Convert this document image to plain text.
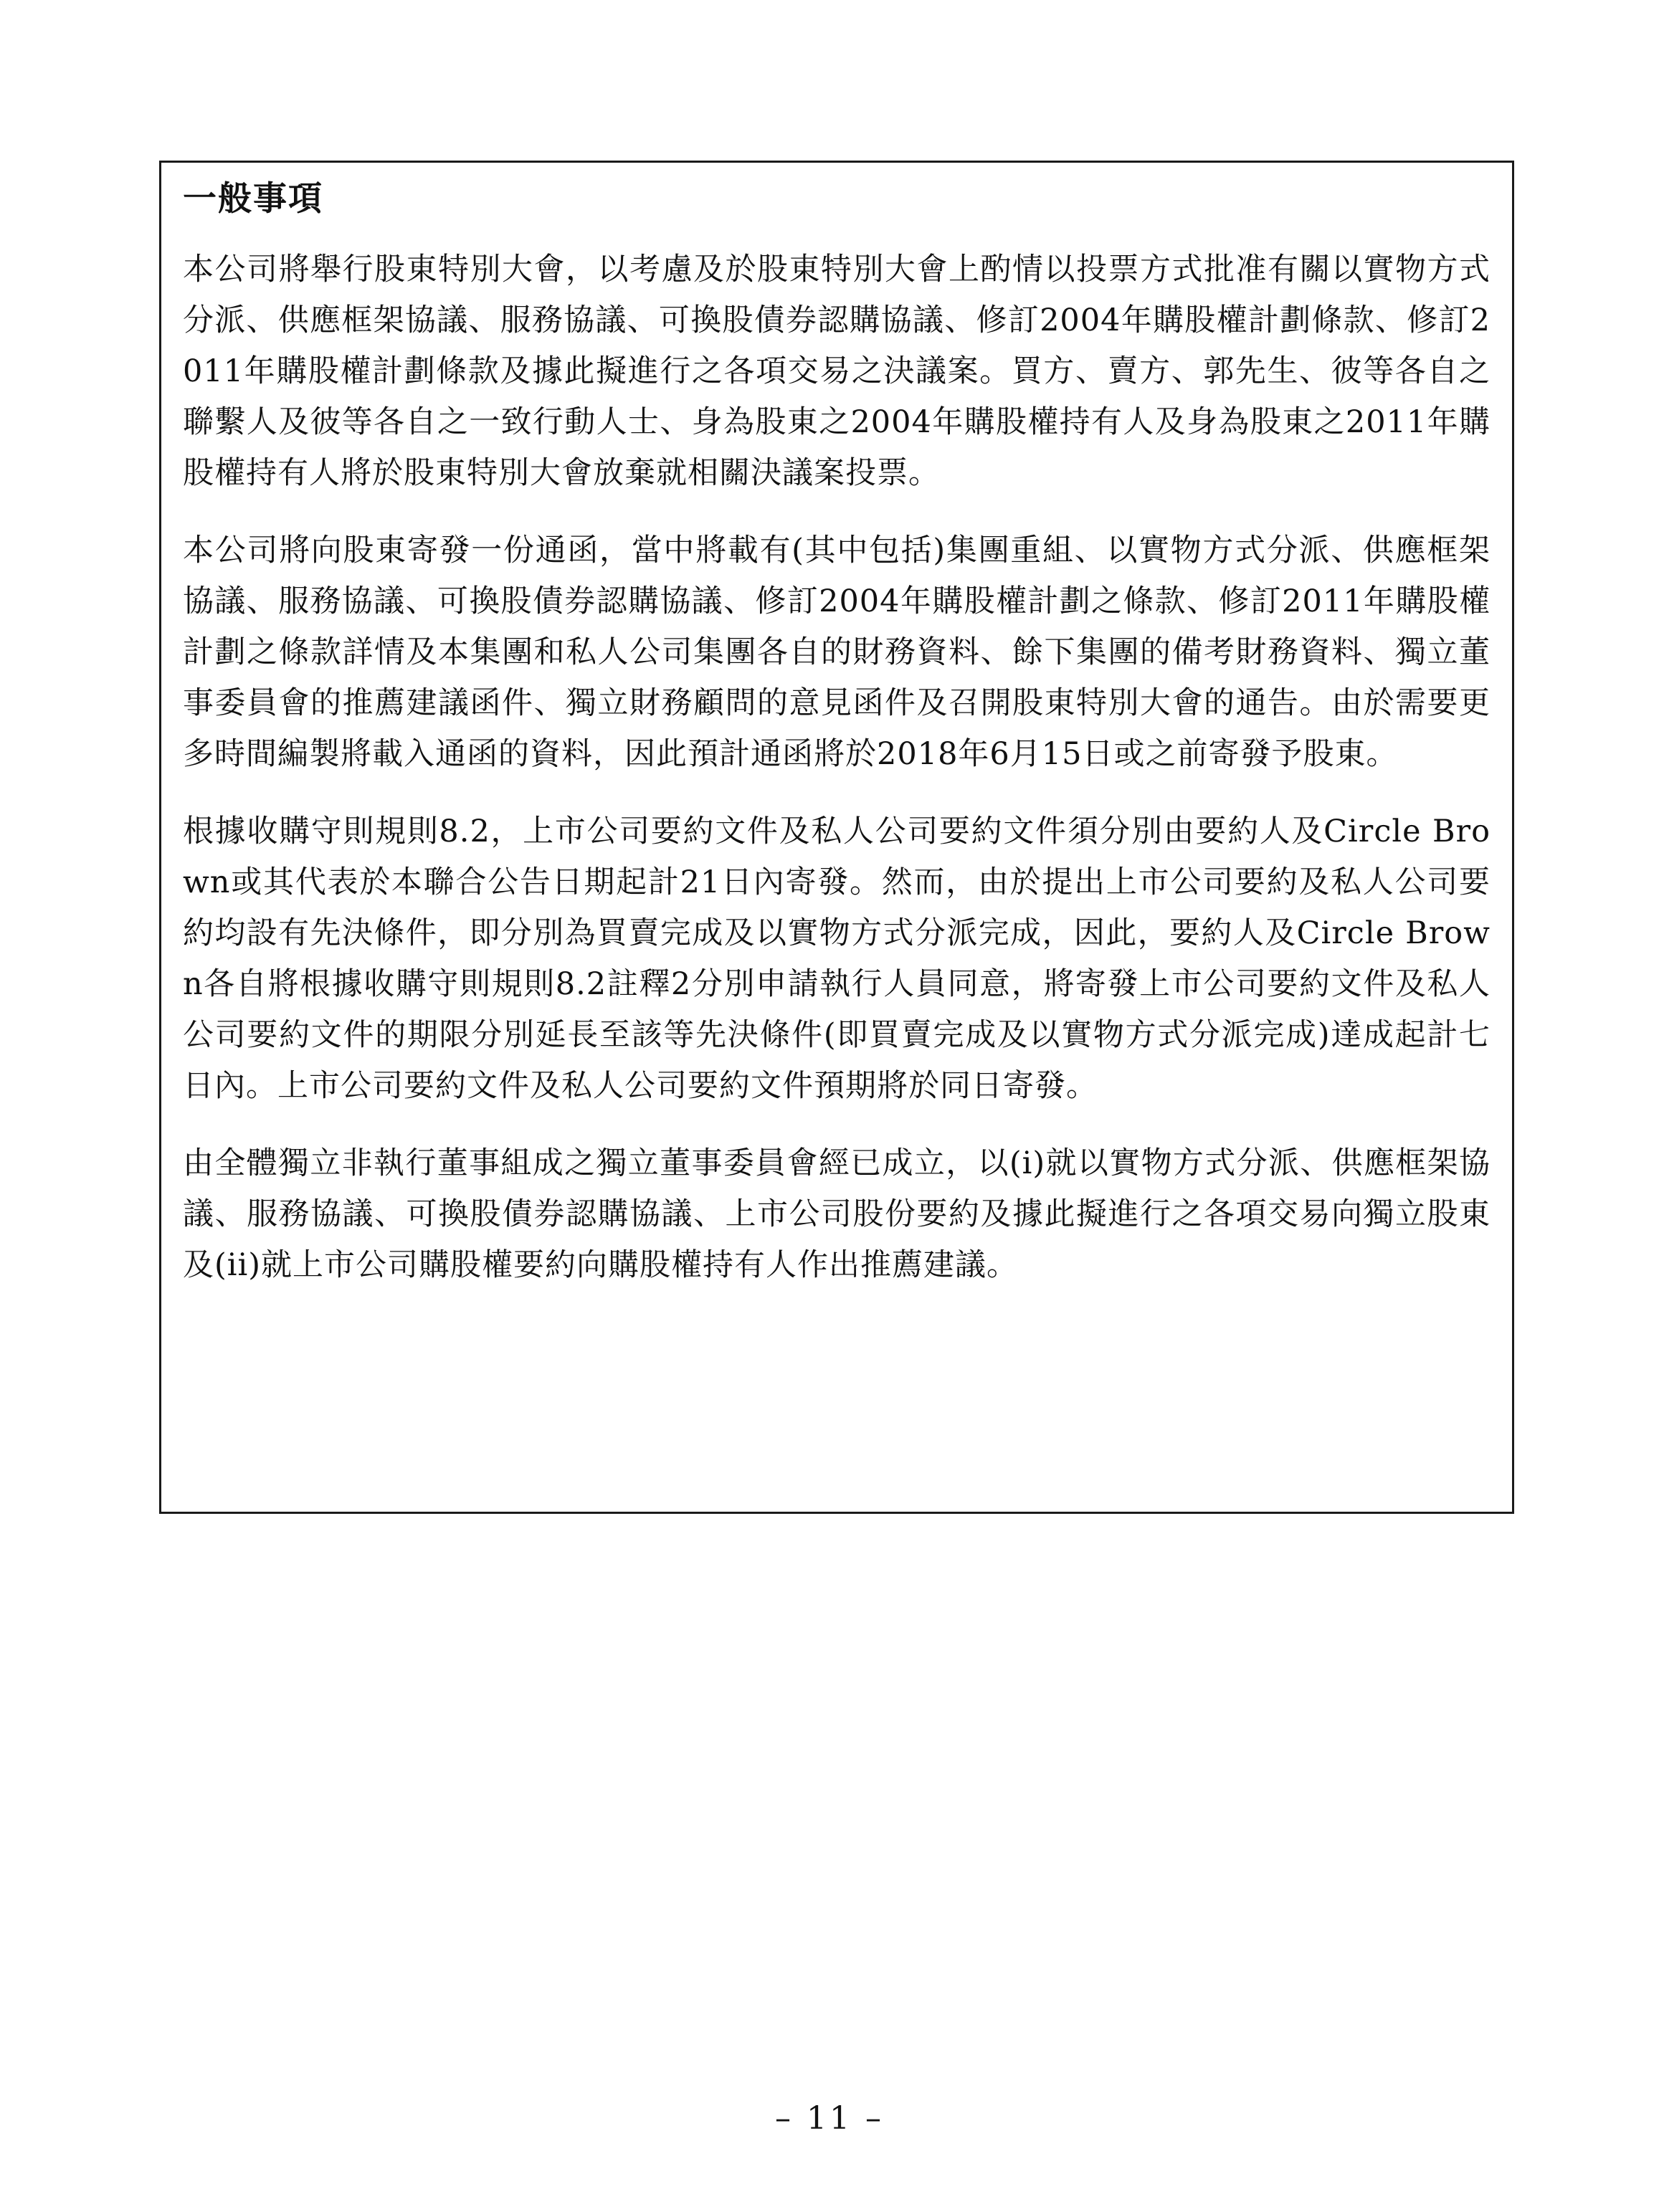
一般事項

本公司將舉行股東特別大會，以考慮及於股東特別大會上酌情以投票方式批准有關以實物方式分派、供應框架協議、服務協議、可換股債券認購協議、修訂2004年購股權計劃條款、修訂2011年購股權計劃條款及據此擬進行之各項交易之決議案。買方、賣方、郭先生、彼等各自之聯繫人及彼等各自之一致行動人士、身為股東之2004年購股權持有人及身為股東之2011年購股權持有人將於股東特別大會放棄就相關決議案投票。

本公司將向股東寄發一份通函，當中將載有(其中包括)集團重組、以實物方式分派、供應框架協議、服務協議、可換股債券認購協議、修訂2004年購股權計劃之條款、修訂2011年購股權計劃之條款詳情及本集團和私人公司集團各自的財務資料、餘下集團的備考財務資料、獨立董事委員會的推薦建議函件、獨立財務顧問的意見函件及召開股東特別大會的通告。由於需要更多時間編製將載入通函的資料，因此預計通函將於2018年6月15日或之前寄發予股東。

根據收購守則規則8.2，上市公司要約文件及私人公司要約文件須分別由要約人及Circle Brown或其代表於本聯合公告日期起計21日內寄發。然而，由於提出上市公司要約及私人公司要約均設有先決條件，即分別為買賣完成及以實物方式分派完成，因此，要約人及Circle Brown各自將根據收購守則規則8.2註釋2分別申請執行人員同意，將寄發上市公司要約文件及私人公司要約文件的期限分別延長至該等先決條件(即買賣完成及以實物方式分派完成)達成起計七日內。上市公司要約文件及私人公司要約文件預期將於同日寄發。

由全體獨立非執行董事組成之獨立董事委員會經已成立，以(i)就以實物方式分派、供應框架協議、服務協議、可換股債券認購協議、上市公司股份要約及據此擬進行之各項交易向獨立股東及(ii)就上市公司購股權要約向購股權持有人作出推薦建議。

– 11 –
